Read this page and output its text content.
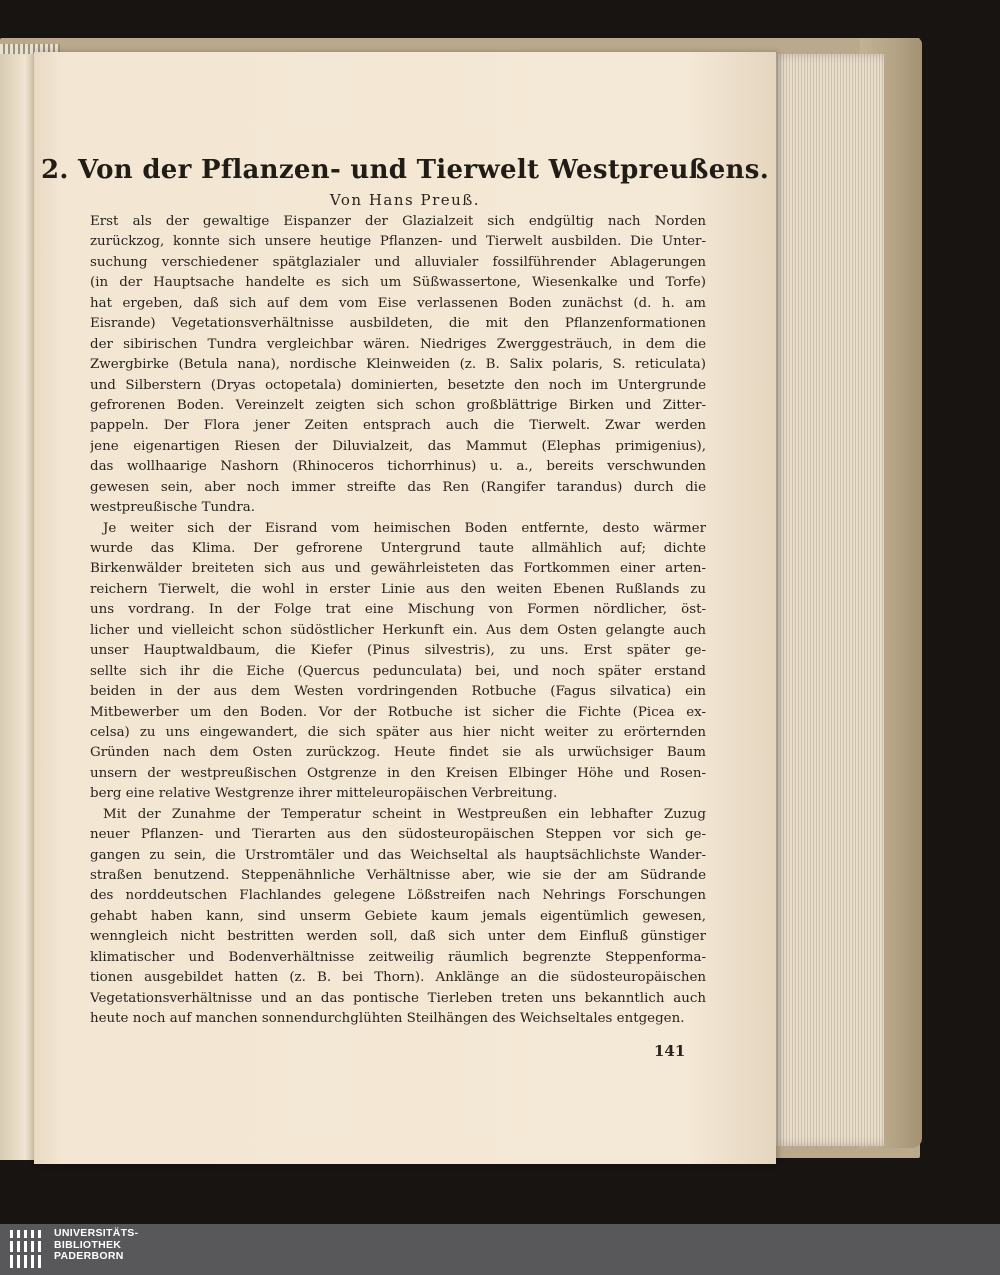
2. Von der Pflanzen- und Tierwelt Westpreußens.
Von Hans Preuß.
Erst als der gewaltige Eispanzer der Glazialzeit sich endgültig nach Norden
zurückzog, konnte sich unsere heutige Pflanzen- und Tierwelt ausbilden. Die Unter-
suchung verschiedener spätglazialer und alluvialer fossilführender Ablagerungen
(in der Hauptsache handelte es sich um Süßwassertone, Wiesenkalke und Torfe)
hat ergeben, daß sich auf dem vom Eise verlassenen Boden zunächst (d. h. am
Eisrande) Vegetationsverhältnisse ausbildeten, die mit den Pflanzenformationen
der sibirischen Tundra vergleichbar wären. Niedriges Zwerggesträuch, in dem die
Zwergbirke (Betula nana), nordische Kleinweiden (z. B. Salix polaris, S. reticulata)
und Silberstern (Dryas octopetala) dominierten, besetzte den noch im Untergrunde
gefrorenen Boden. Vereinzelt zeigten sich schon großblättrige Birken und Zitter-
pappeln. Der Flora jener Zeiten entsprach auch die Tierwelt. Zwar werden
jene eigenartigen Riesen der Diluvialzeit, das Mammut (Elephas primigenius),
das wollhaarige Nashorn (Rhinoceros tichorrhinus) u. a., bereits verschwunden
gewesen sein, aber noch immer streifte das Ren (Rangifer tarandus) durch die
westpreußische Tundra.
Je weiter sich der Eisrand vom heimischen Boden entfernte, desto wärmer
wurde das Klima. Der gefrorene Untergrund taute allmählich auf; dichte
Birkenwälder breiteten sich aus und gewährleisteten das Fortkommen einer arten-
reichern Tierwelt, die wohl in erster Linie aus den weiten Ebenen Rußlands zu
uns vordrang. In der Folge trat eine Mischung von Formen nördlicher, öst-
licher und vielleicht schon südöstlicher Herkunft ein. Aus dem Osten gelangte auch
unser Hauptwaldbaum, die Kiefer (Pinus silvestris), zu uns. Erst später ge-
sellte sich ihr die Eiche (Quercus pedunculata) bei, und noch später erstand
beiden in der aus dem Westen vordringenden Rotbuche (Fagus silvatica) ein
Mitbewerber um den Boden. Vor der Rotbuche ist sicher die Fichte (Picea ex-
celsa) zu uns eingewandert, die sich später aus hier nicht weiter zu erörternden
Gründen nach dem Osten zurückzog. Heute findet sie als urwüchsiger Baum
unsern der westpreußischen Ostgrenze in den Kreisen Elbinger Höhe und Rosen-
berg eine relative Westgrenze ihrer mitteleuropäischen Verbreitung.
Mit der Zunahme der Temperatur scheint in Westpreußen ein lebhafter Zuzug
neuer Pflanzen- und Tierarten aus den südosteuropäischen Steppen vor sich ge-
gangen zu sein, die Urstromtäler und das Weichseltal als hauptsächlichste Wander-
straßen benutzend. Steppenähnliche Verhältnisse aber, wie sie der am Südrande
des norddeutschen Flachlandes gelegene Lößstreifen nach Nehrings Forschungen
gehabt haben kann, sind unserm Gebiete kaum jemals eigentümlich gewesen,
wenngleich nicht bestritten werden soll, daß sich unter dem Einfluß günstiger
klimatischer und Bodenverhältnisse zeitweilig räumlich begrenzte Steppenforma-
tionen ausgebildet hatten (z. B. bei Thorn). Anklänge an die südosteuropäischen
Vegetationsverhältnisse und an das pontische Tierleben treten uns bekanntlich auch
heute noch auf manchen sonnendurchglühten Steilhängen des Weichseltales entgegen.
141
UNIVERSITÄTS-
BIBLIOTHEK
PADERBORN
